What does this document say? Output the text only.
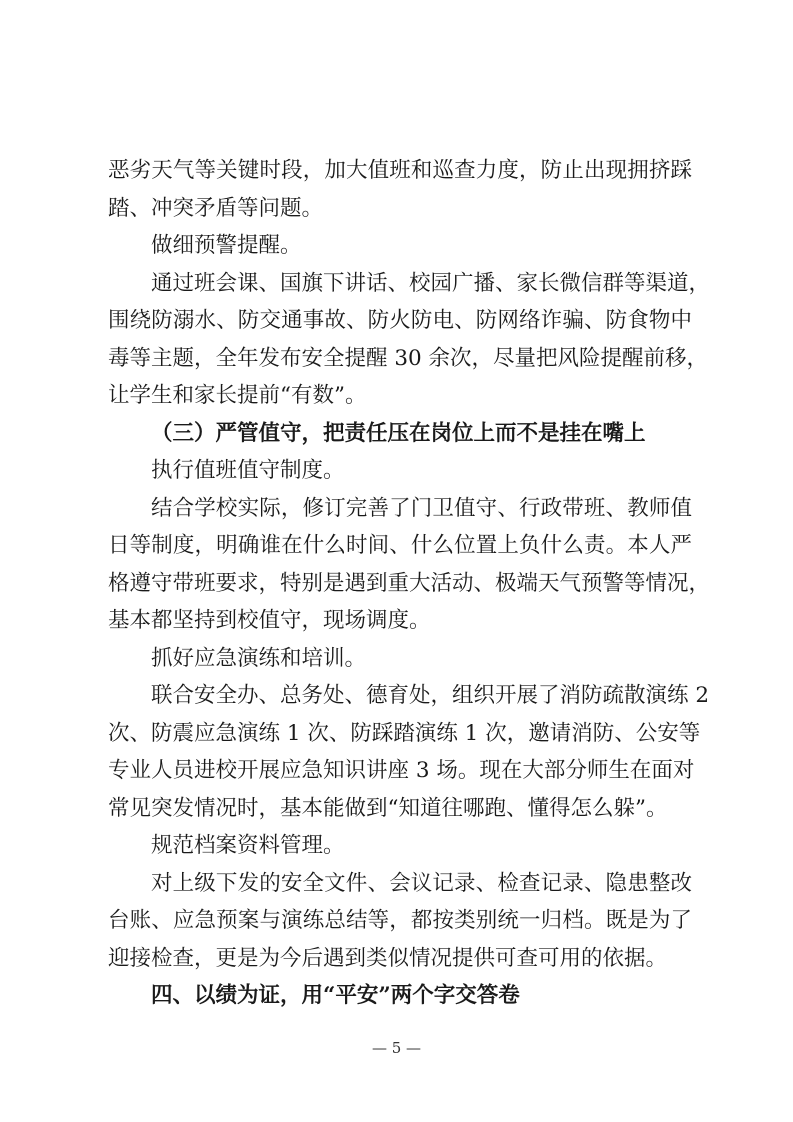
恶劣天气等关键时段，加大值班和巡查力度，防止出现拥挤踩
踏、冲突矛盾等问题。
做细预警提醒。
通过班会课、国旗下讲话、校园广播、家长微信群等渠道，
围绕防溺水、防交通事故、防火防电、防网络诈骗、防食物中
毒等主题，全年发布安全提醒 30 余次，尽量把风险提醒前移，
让学生和家长提前“有数”。
（三）严管值守，把责任压在岗位上而不是挂在嘴上
执行值班值守制度。
结合学校实际，修订完善了门卫值守、行政带班、教师值
日等制度，明确谁在什么时间、什么位置上负什么责。本人严
格遵守带班要求，特别是遇到重大活动、极端天气预警等情况，
基本都坚持到校值守，现场调度。
抓好应急演练和培训。
联合安全办、总务处、德育处，组织开展了消防疏散演练 2
次、防震应急演练 1 次、防踩踏演练 1 次，邀请消防、公安等
专业人员进校开展应急知识讲座 3 场。现在大部分师生在面对
常见突发情况时，基本能做到“知道往哪跑、懂得怎么躲”。
规范档案资料管理。
对上级下发的安全文件、会议记录、检查记录、隐患整改
台账、应急预案与演练总结等，都按类别统一归档。既是为了
迎接检查，更是为今后遇到类似情况提供可查可用的依据。
四、以绩为证，用“平安”两个字交答卷
— 5 —
